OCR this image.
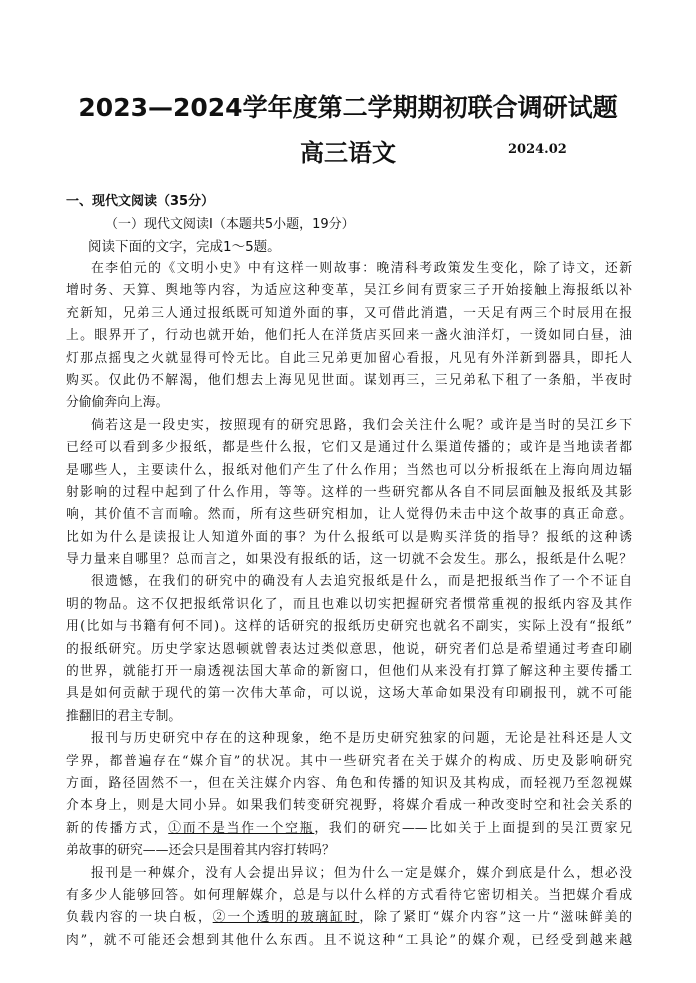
2023—2024学年度第二学期期初联合调研试题
高三语文	2024.02
一、现代文阅读（35分）
（一）现代文阅读Ⅰ（本题共5小题，19分）
阅读下面的文字，完成1～5题。
在李伯元的《文明小史》中有这样一则故事：晚清科考政策发生变化，除了诗文，还新
增时务、天算、舆地等内容，为适应这种变革，吴江乡间有贾家三子开始接触上海报纸以补
充新知，兄弟三人通过报纸既可知道外面的事，又可借此消遣，一天足有两三个时辰用在报
上。眼界开了，行动也就开始，他们托人在洋货店买回来一盏火油洋灯，一烫如同白昼，油
灯那点摇曳之火就显得可怜无比。自此三兄弟更加留心看报，凡见有外洋新到器具，即托人
购买。仅此仍不解渴，他们想去上海见见世面。谋划再三，三兄弟私下租了一条船，半夜时
分偷偷奔向上海。
倘若这是一段史实，按照现有的研究思路，我们会关注什么呢？或许是当时的吴江乡下
已经可以看到多少报纸，都是些什么报，它们又是通过什么渠道传播的；或许是当地读者都
是哪些人，主要读什么，报纸对他们产生了什么作用；当然也可以分析报纸在上海向周边辐
射影响的过程中起到了什么作用，等等。这样的一些研究都从各自不同层面触及报纸及其影
响，其价值不言而喻。然而，所有这些研究相加，让人觉得仍未击中这个故事的真正命意。
比如为什么是读报让人知道外面的事？为什么报纸可以是购买洋货的指导？报纸的这种诱
导力量来自哪里？总而言之，如果没有报纸的话，这一切就不会发生。那么，报纸是什么呢？
很遗憾，在我们的研究中的确没有人去追究报纸是什么，而是把报纸当作了一个不证自
明的物品。这不仅把报纸常识化了，而且也难以切实把握研究者惯常重视的报纸内容及其作
用(比如与书籍有何不同)。这样的话研究的报纸历史研究也就名不副实，实际上没有“报纸”
的报纸研究。历史学家达恩顿就曾表达过类似意思，他说，研究者们总是希望通过考查印刷
的世界，就能打开一扇透视法国大革命的新窗口，但他们从来没有打算了解这种主要传播工
具是如何贡献于现代的第一次伟大革命，可以说，这场大革命如果没有印刷报刊，就不可能
推翻旧的君主专制。
报刊与历史研究中存在的这种现象，绝不是历史研究独家的问题，无论是社科还是人文
学界，都普遍存在“媒介盲”的状况。其中一些研究者在关于媒介的构成、历史及影响研究
方面，路径固然不一，但在关注媒介内容、角色和传播的知识及其构成，而轻视乃至忽视媒
介本身上，则是大同小异。如果我们转变研究视野，将媒介看成一种改变时空和社会关系的
新的传播方式，①而不是当作一个空瓶，我们的研究——比如关于上面提到的吴江贾家兄
弟故事的研究——还会只是围着其内容打转吗？
报刊是一种媒介，没有人会提出异议；但为什么一定是媒介，媒介到底是什么，想必没
有多少人能够回答。如何理解媒介，总是与以什么样的方式看待它密切相关。当把媒介看成
负载内容的一块白板，②一个透明的玻璃缸时，除了紧盯“媒介内容”这一片“滋味鲜美的
肉”，就不可能还会想到其他什么东西。且不说这种“工具论”的媒介观，已经受到越来越
